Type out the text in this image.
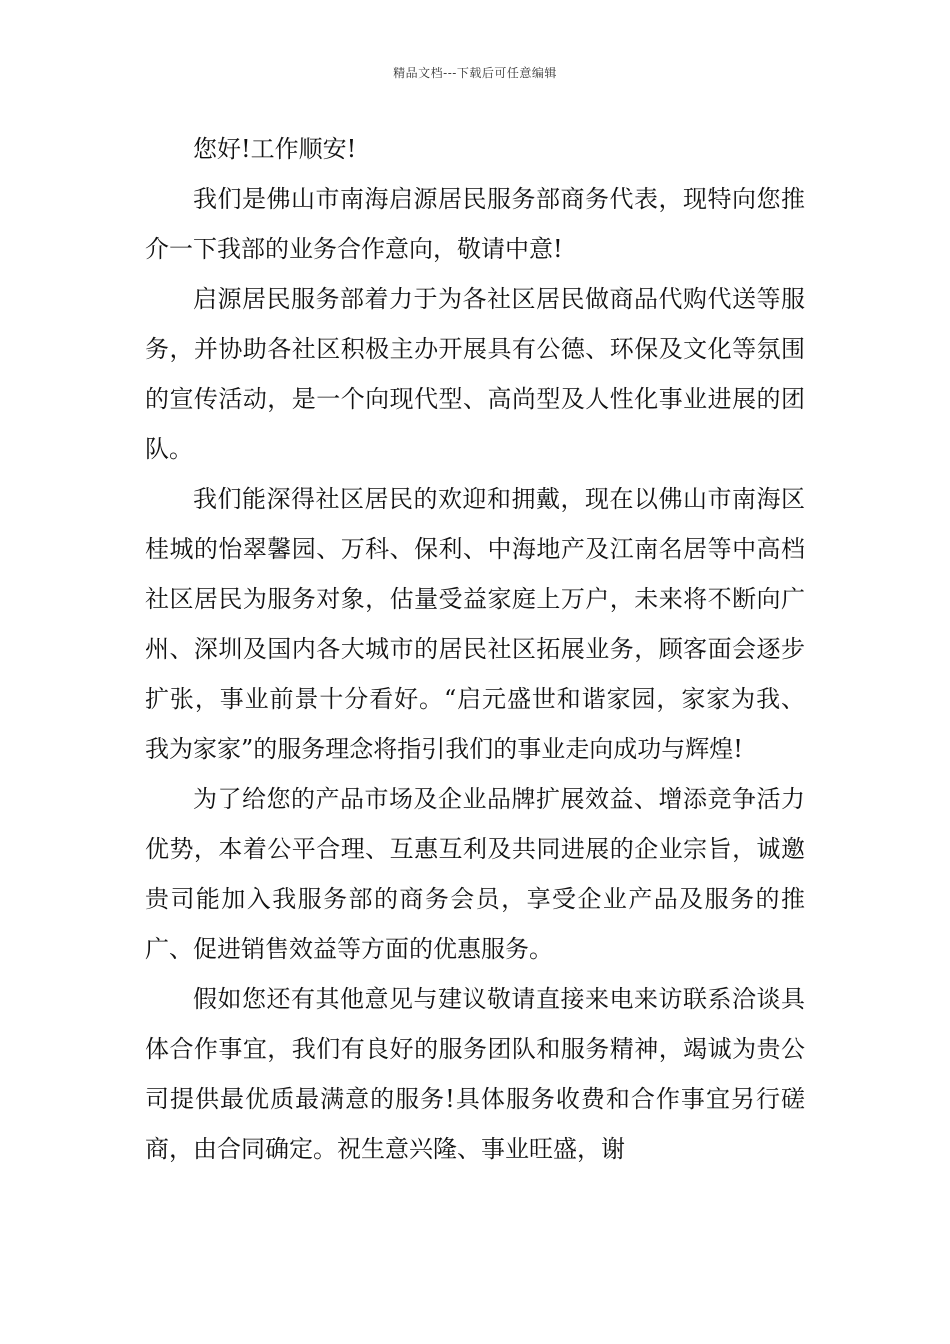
精品文档---下载后可任意编辑

您好!工作顺安!

我们是佛山市南海启源居民服务部商务代表，现特向您推介一下我部的业务合作意向，敬请中意!

启源居民服务部着力于为各社区居民做商品代购代送等服务，并协助各社区积极主办开展具有公德、环保及文化等氛围的宣传活动，是一个向现代型、高尚型及人性化事业进展的团队。

我们能深得社区居民的欢迎和拥戴，现在以佛山市南海区桂城的怡翠馨园、万科、保利、中海地产及江南名居等中高档社区居民为服务对象，估量受益家庭上万户，未来将不断向广州、深圳及国内各大城市的居民社区拓展业务，顾客面会逐步扩张，事业前景十分看好。“启元盛世和谐家园，家家为我、我为家家”的服务理念将指引我们的事业走向成功与辉煌!

为了给您的产品市场及企业品牌扩展效益、增添竞争活力优势，本着公平合理、互惠互利及共同进展的企业宗旨，诚邀贵司能加入我服务部的商务会员，享受企业产品及服务的推广、促进销售效益等方面的优惠服务。

假如您还有其他意见与建议敬请直接来电来访联系洽谈具体合作事宜，我们有良好的服务团队和服务精神，竭诚为贵公司提供最优质最满意的服务!具体服务收费和合作事宜另行磋商，由合同确定。祝生意兴隆、事业旺盛，谢
